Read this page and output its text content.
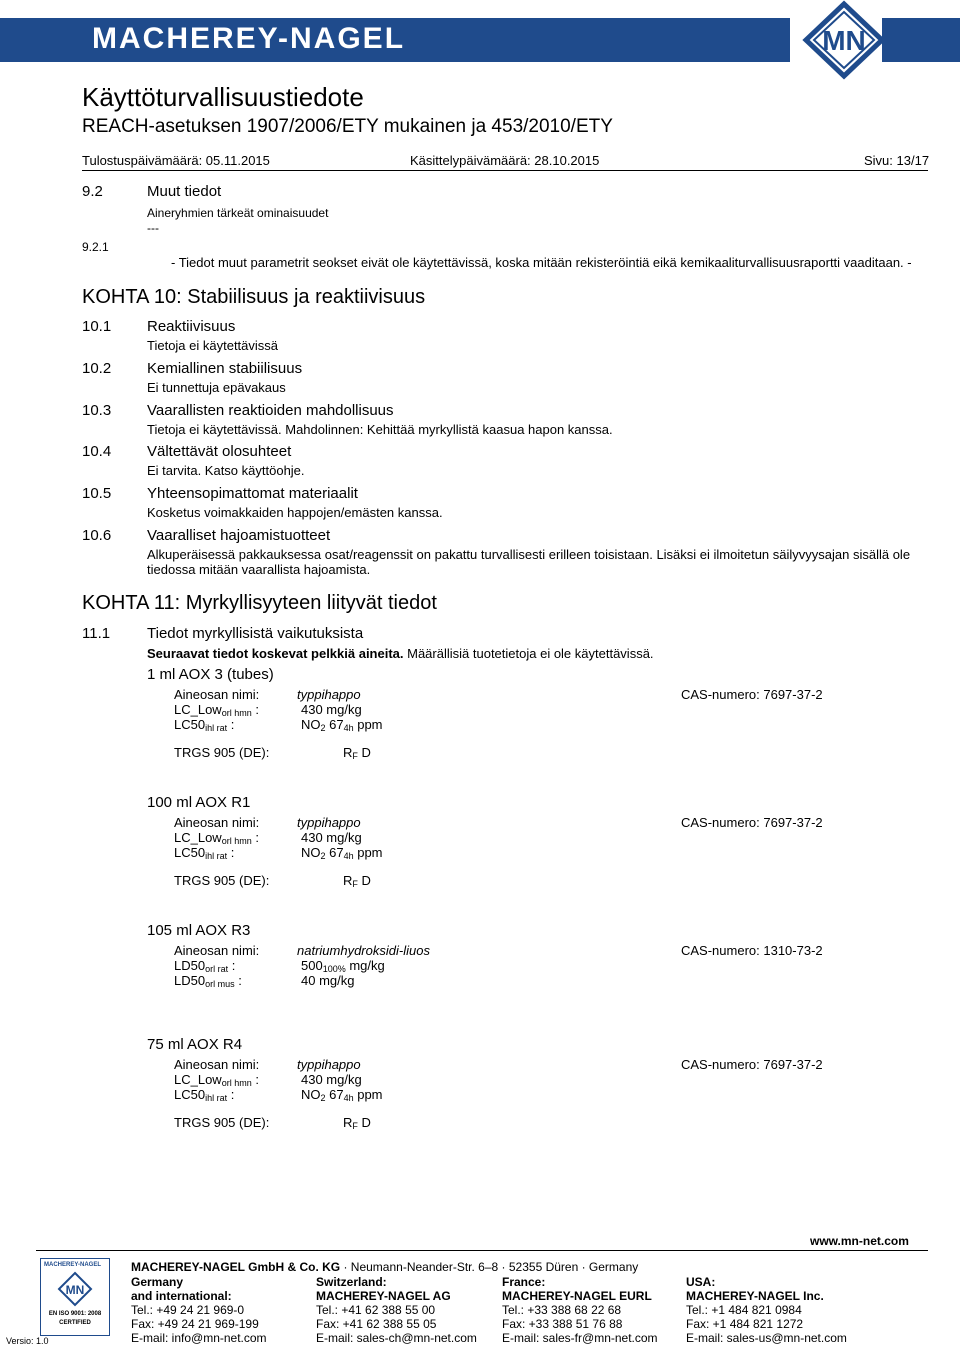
MACHEREY-NAGEL	MN
Käyttöturvallisuustiedote
REACH-asetuksen 1907/2006/ETY mukainen ja 453/2010/ETY
Tulostuspäivämäärä: 05.11.2015	Käsittelypäivämäärä: 28.10.2015	Sivu: 13/17
9.2	Muut tiedot
Aineryhmien tärkeät ominaisuudet
---
9.2.1
- Tiedot muut parametrit seokset eivät ole käytettävissä, koska mitään rekisteröintiä eikä kemikaaliturvallisuusraportti vaaditaan. -
KOHTA 10: Stabiilisuus ja reaktiivisuus
10.1 Reaktiivisuus
Tietoja ei käytettävissä
10.2 Kemiallinen stabiilisuus
Ei tunnettuja epävakaus
10.3 Vaarallisten reaktioiden mahdollisuus
Tietoja ei käytettävissä. Mahdolinnen: Kehittää myrkyllistä kaasua hapon kanssa.
10.4 Vältettävät olosuhteet
Ei tarvita. Katso käyttöohje.
10.5 Yhteensopimattomat materiaalit
Kosketus voimakkaiden happojen/emästen kanssa.
10.6 Vaaralliset hajoamistuotteet
Alkuperäisessä pakkauksessa osat/reagenssit on pakattu turvallisesti erilleen toisistaan. Lisäksi ei ilmoitetun säilyvyysajan sisällä ole
tiedossa mitään vaarallista hajoamista.
KOHTA 11: Myrkyllisyyteen liityvät tiedot
11.1 Tiedot myrkyllisistä vaikutuksista
Seuraavat tiedot koskevat pelkkiä aineita. Määrällisiä tuotetietoja ei ole käytettävissä.
1 ml AOX 3 (tubes)
Aineosan nimi:	typpihappo	CAS-numero: 7697-37-2
LC_Low$_{orl hmn}$ :	430 mg/kg
$LC50_{ihl rat}$ :	$NO_2$ $67_{4h}$ ppm
TRGS 905 (DE):	$R_F$ D
100 ml AOX R1
Aineosan nimi:	typpihappo	CAS-numero: 7697-37-2
LC_Low$_{orl hmn}$ :	430 mg/kg
$LC50_{ihl rat}$ :	$NO_2$ $67_{4h}$ ppm
TRGS 905 (DE):	$R_F$ D
105 ml AOX R3
Aineosan nimi:	natriumhydroksidi-liuos	CAS-numero: 1310-73-2
$LD50_{orl rat}$ :	$500_{100\%}$ mg/kg
$LD50_{orl mus}$ :	40 mg/kg
75 ml AOX R4
Aineosan nimi:	typpihappo	CAS-numero: 7697-37-2
LC_Low$_{orl hmn}$ :	430 mg/kg
$LC50_{ihl rat}$ :	$NO_2$ $67_{4h}$ ppm
TRGS 905 (DE):	$R_F$ D
www.mn-net.com
MACHEREY-NAGEL
MN
EN ISO 9001: 2008
CERTIFIED
Versio: 1.0
MACHEREY-NAGEL GmbH & Co. KG · Neumann-Neander-Str. 6–8 · 52355 Düren · Germany
Germany
and international:
Tel.: +49 24 21 969-0
Fax: +49 24 21 969-199
E-mail: info@mn-net.com
Switzerland:
MACHEREY-NAGEL AG
Tel.: +41 62 388 55 00
Fax: +41 62 388 55 05
E-mail: sales-ch@mn-net.com
France:
MACHEREY-NAGEL EURL
Tel.: +33 388 68 22 68
Fax: +33 388 51 76 88
E-mail: sales-fr@mn-net.com
USA:
MACHEREY-NAGEL Inc.
Tel.: +1 484 821 0984
Fax: +1 484 821 1272
E-mail: sales-us@mn-net.com
